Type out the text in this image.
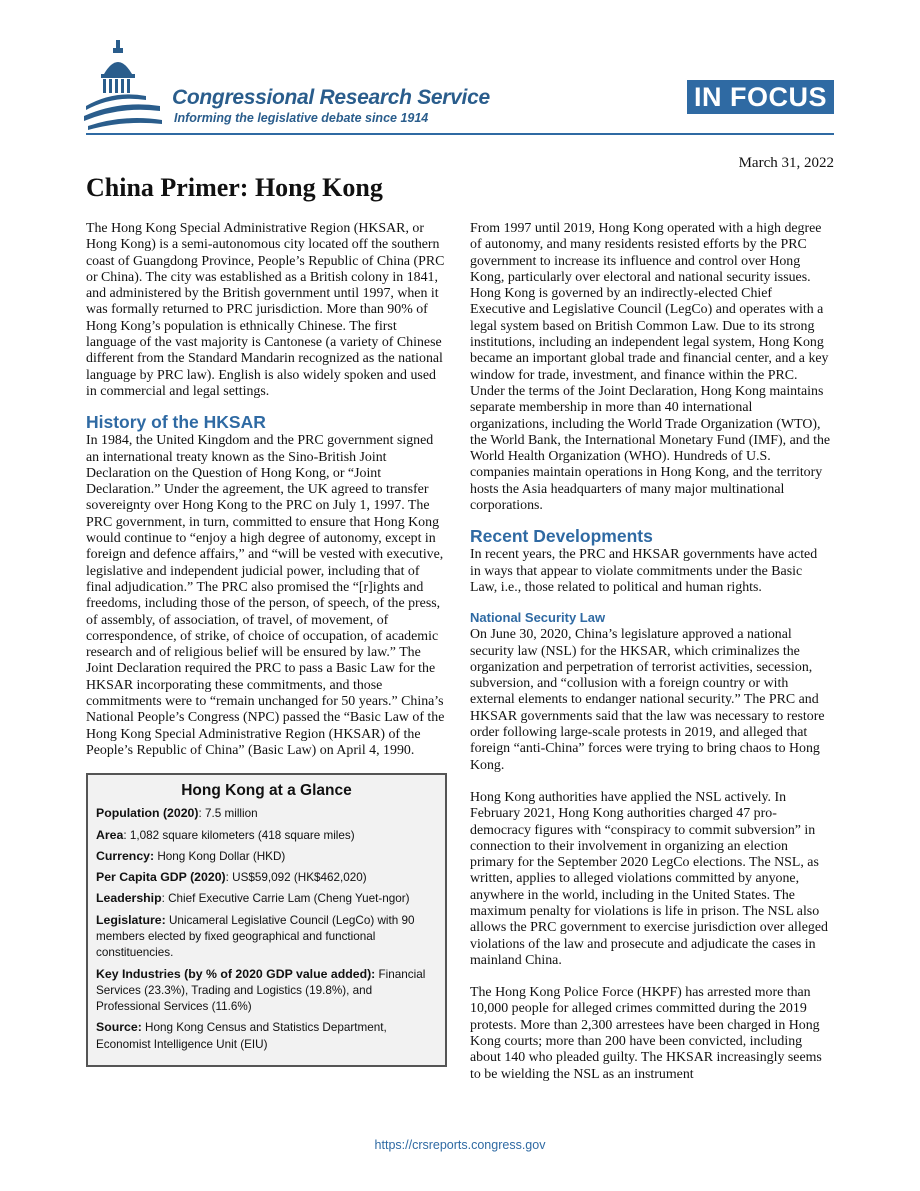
Congressional Research Service
Informing the legislative debate since 1914
IN FOCUS
March 31, 2022
China Primer: Hong Kong

The Hong Kong Special Administrative Region (HKSAR, or Hong Kong) is a semi-autonomous city located off the southern coast of Guangdong Province, People’s Republic of China (PRC or China). The city was established as a British colony in 1841, and administered by the British government until 1997, when it was formally returned to PRC jurisdiction. More than 90% of Hong Kong’s population is ethnically Chinese. The first language of the vast majority is Cantonese (a variety of Chinese different from the Standard Mandarin recognized as the national language by PRC law). English is also widely spoken and used in commercial and legal settings.

History of the HKSAR

In 1984, the United Kingdom and the PRC government signed an international treaty known as the Sino-British Joint Declaration on the Question of Hong Kong, or “Joint Declaration.” Under the agreement, the UK agreed to transfer sovereignty over Hong Kong to the PRC on July 1, 1997. The PRC government, in turn, committed to ensure that Hong Kong would continue to “enjoy a high degree of autonomy, except in foreign and defence affairs,” and “will be vested with executive, legislative and independent judicial power, including that of final adjudication.” The PRC also promised the “[r]ights and freedoms, including those of the person, of speech, of the press, of assembly, of association, of travel, of movement, of correspondence, of strike, of choice of occupation, of academic research and of religious belief will be ensured by law.” The Joint Declaration required the PRC to pass a Basic Law for the HKSAR incorporating these commitments, and those commitments were to “remain unchanged for 50 years.” China’s National People’s Congress (NPC) passed the “Basic Law of the Hong Kong Special Administrative Region (HKSAR) of the People’s Republic of China” (Basic Law) on April 4, 1990.

Hong Kong at a Glance
Population (2020): 7.5 million
Area: 1,082 square kilometers (418 square miles)
Currency: Hong Kong Dollar (HKD)
Per Capita GDP (2020): US$59,092 (HK$462,020)
Leadership: Chief Executive Carrie Lam (Cheng Yuet-ngor)
Legislature: Unicameral Legislative Council (LegCo) with 90 members elected by fixed geographical and functional constituencies.
Key Industries (by % of 2020 GDP value added): Financial Services (23.3%), Trading and Logistics (19.8%), and Professional Services (11.6%)
Source: Hong Kong Census and Statistics Department, Economist Intelligence Unit (EIU)

From 1997 until 2019, Hong Kong operated with a high degree of autonomy, and many residents resisted efforts by the PRC government to increase its influence and control over Hong Kong, particularly over electoral and national security issues. Hong Kong is governed by an indirectly-elected Chief Executive and Legislative Council (LegCo) and operates with a legal system based on British Common Law. Due to its strong institutions, including an independent legal system, Hong Kong became an important global trade and financial center, and a key window for trade, investment, and finance within the PRC. Under the terms of the Joint Declaration, Hong Kong maintains separate membership in more than 40 international organizations, including the World Trade Organization (WTO), the World Bank, the International Monetary Fund (IMF), and the World Health Organization (WHO). Hundreds of U.S. companies maintain operations in Hong Kong, and the territory hosts the Asia headquarters of many major multinational corporations.

Recent Developments

In recent years, the PRC and HKSAR governments have acted in ways that appear to violate commitments under the Basic Law, i.e., those related to political and human rights.

National Security Law

On June 30, 2020, China’s legislature approved a national security law (NSL) for the HKSAR, which criminalizes the organization and perpetration of terrorist activities, secession, subversion, and “collusion with a foreign country or with external elements to endanger national security.” The PRC and HKSAR governments said that the law was necessary to restore order following large-scale protests in 2019, and alleged that foreign “anti-China” forces were trying to bring chaos to Hong Kong.

Hong Kong authorities have applied the NSL actively. In February 2021, Hong Kong authorities charged 47 pro-democracy figures with “conspiracy to commit subversion” in connection to their involvement in organizing an election primary for the September 2020 LegCo elections. The NSL, as written, applies to alleged violations committed by anyone, anywhere in the world, including in the United States. The maximum penalty for violations is life in prison. The NSL also allows the PRC government to exercise jurisdiction over alleged violations of the law and prosecute and adjudicate the cases in mainland China.

The Hong Kong Police Force (HKPF) has arrested more than 10,000 people for alleged crimes committed during the 2019 protests. More than 2,300 arrestees have been charged in Hong Kong courts; more than 200 have been convicted, including about 140 who pleaded guilty. The HKSAR increasingly seems to be wielding the NSL as an instrument

https://crsreports.congress.gov
